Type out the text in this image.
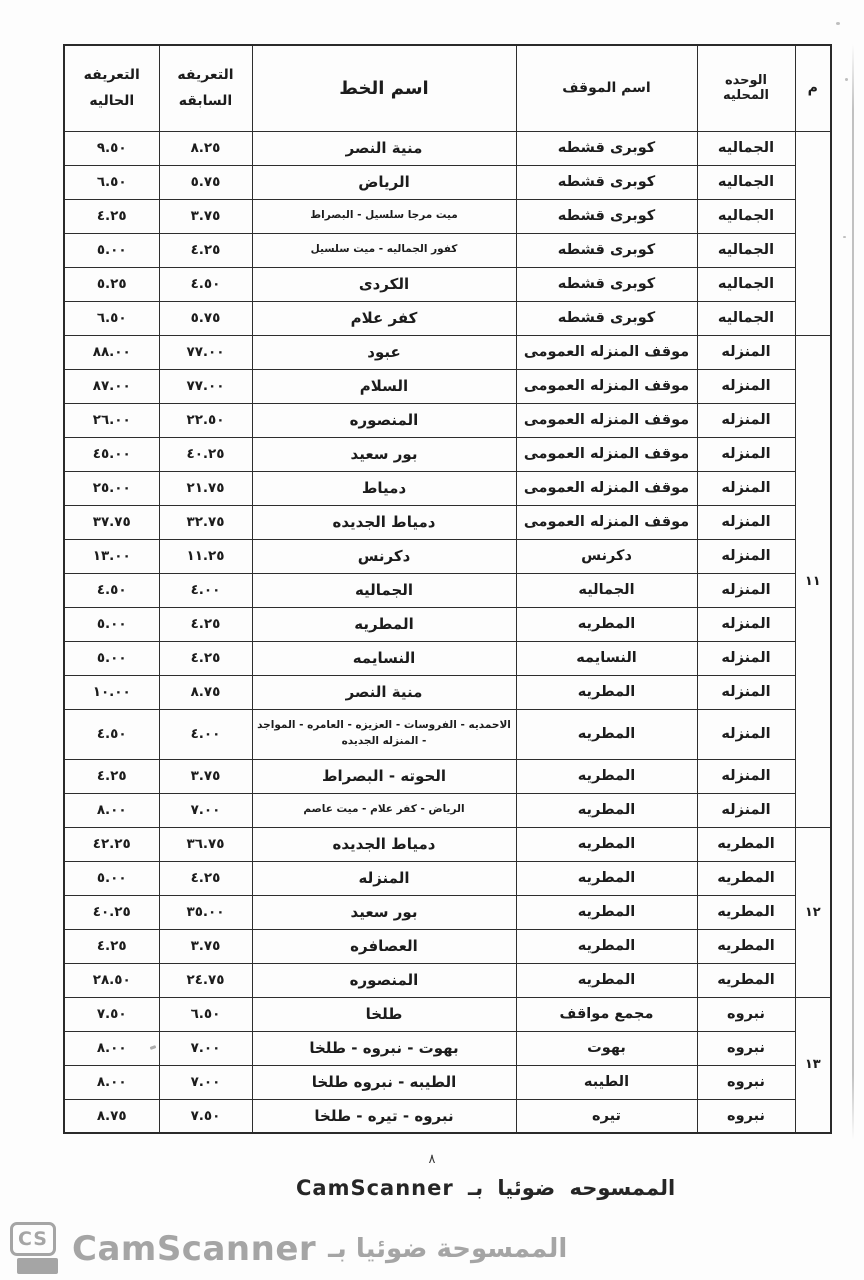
م	الوحده المحليه	اسم الموقف	اسم الخط	التعريفه السابقه	التعريفه الحاليه
	الجماليه	كوبرى قشطه	منية النصر	٨.٢٥	٩.٥٠
	الجماليه	كوبرى قشطه	الرياض	٥.٧٥	٦.٥٠
	الجماليه	كوبرى قشطه	ميت مرجا سلسيل - البصراط	٣.٧٥	٤.٢٥
	الجماليه	كوبرى قشطه	كفور الجماليه - ميت سلسيل	٤.٢٥	٥.٠٠
	الجماليه	كوبرى قشطه	الكردى	٤.٥٠	٥.٢٥
	الجماليه	كوبرى قشطه	كفر علام	٥.٧٥	٦.٥٠
١١	المنزله	موقف المنزله العمومى	عبود	٧٧.٠٠	٨٨.٠٠
	المنزله	موقف المنزله العمومى	السلام	٧٧.٠٠	٨٧.٠٠
	المنزله	موقف المنزله العمومى	المنصوره	٢٢.٥٠	٢٦.٠٠
	المنزله	موقف المنزله العمومى	بور سعيد	٤٠.٢٥	٤٥.٠٠
	المنزله	موقف المنزله العمومى	دمياط	٢١.٧٥	٢٥.٠٠
	المنزله	موقف المنزله العمومى	دمياط الجديده	٣٢.٧٥	٣٧.٧٥
	المنزله	دكرنس	دكرنس	١١.٢٥	١٣.٠٠
	المنزله	الجماليه	الجماليه	٤.٠٠	٤.٥٠
	المنزله	المطريه	المطريه	٤.٢٥	٥.٠٠
	المنزله	النسايمه	النسايمه	٤.٢٥	٥.٠٠
	المنزله	المطريه	منية النصر	٨.٧٥	١٠.٠٠
	المنزله	المطريه	الاحمديه - الفروسات - العزيزه - العامره - المواجد - المنزله الجديده	٤.٠٠	٤.٥٠
	المنزله	المطريه	الحوته - البصراط	٣.٧٥	٤.٢٥
	المنزله	المطريه	الرياض - كفر علام - ميت عاصم	٧.٠٠	٨.٠٠
١٢	المطريه	المطريه	دمياط الجديده	٣٦.٧٥	٤٢.٢٥
	المطريه	المطريه	المنزله	٤.٢٥	٥.٠٠
	المطريه	المطريه	بور سعيد	٣٥.٠٠	٤٠.٢٥
	المطريه	المطريه	العصافره	٣.٧٥	٤.٢٥
	المطريه	المطريه	المنصوره	٢٤.٧٥	٢٨.٥٠
١٣	نبروه	مجمع مواقف	طلخا	٦.٥٠	٧.٥٠
	نبروه	بهوت	بهوت - نبروه - طلخا	٧.٠٠	٨.٠٠
	نبروه	الطيبه	الطيبه - نبروه طلخا	٧.٠٠	٨.٠٠
	نبروه	تيره	نبروه - تيره - طلخا	٧.٥٠	٨.٧٥
٨
الممسوحه ضوئيا بـ CamScanner
CS CamScanner الممسوحة ضوئيا بـ
